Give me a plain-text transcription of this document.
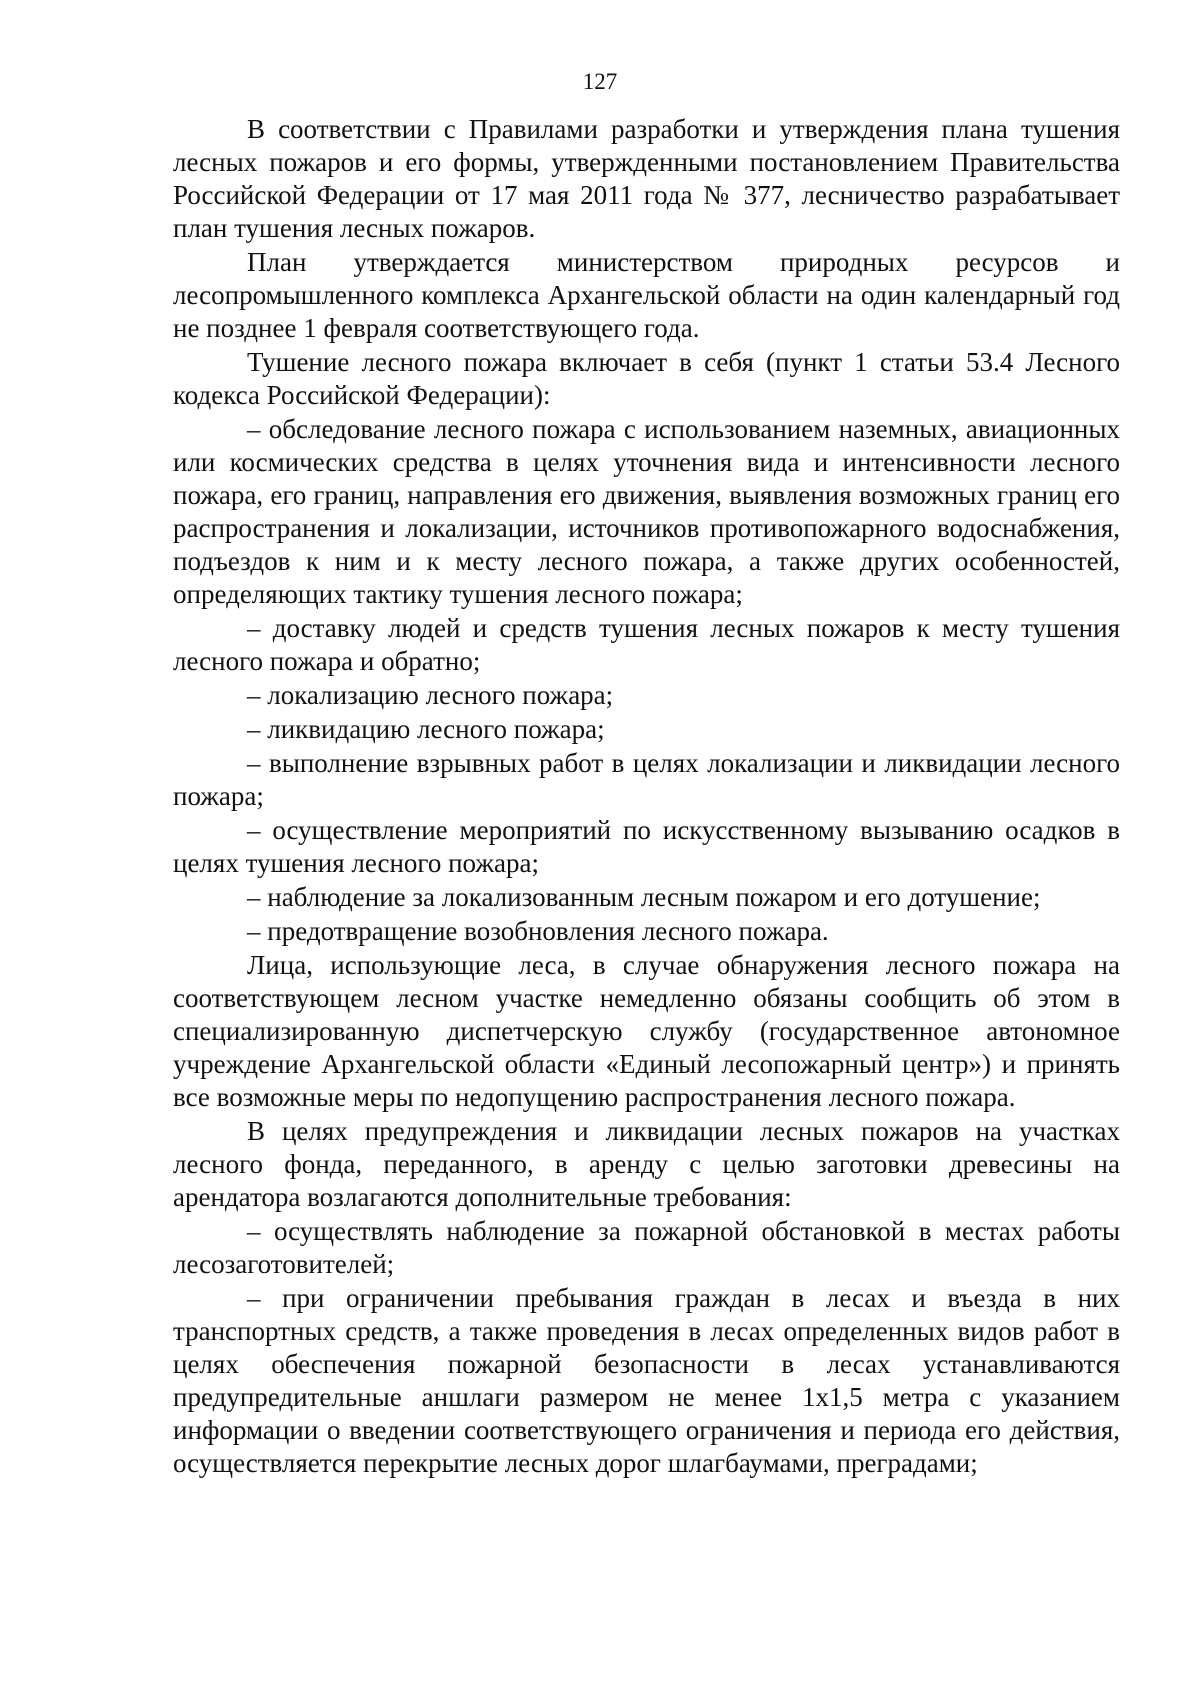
127

В соответствии с Правилами разработки и утверждения плана тушения лесных пожаров и его формы, утвержденными постановлением Правительства Российской Федерации от 17 мая 2011 года № 377, лесничество разрабатывает план тушения лесных пожаров.

План утверждается министерством природных ресурсов и лесопромышленного комплекса Архангельской области на один календарный год не позднее 1 февраля соответствующего года.

Тушение лесного пожара включает в себя (пункт 1 статьи 53.4 Лесного кодекса Российской Федерации):

– обследование лесного пожара с использованием наземных, авиационных или космических средства в целях уточнения вида и интенсивности лесного пожара, его границ, направления его движения, выявления возможных границ его распространения и локализации, источников противопожарного водоснабжения, подъездов к ним и к месту лесного пожара, а также других особенностей, определяющих тактику тушения лесного пожара;

– доставку людей и средств тушения лесных пожаров к месту тушения лесного пожара и обратно;

– локализацию лесного пожара;

– ликвидацию лесного пожара;

– выполнение взрывных работ в целях локализации и ликвидации лесного пожара;

– осуществление мероприятий по искусственному вызыванию осадков в целях тушения лесного пожара;

– наблюдение за локализованным лесным пожаром и его дотушение;

– предотвращение возобновления лесного пожара.

Лица, использующие леса, в случае обнаружения лесного пожара на соответствующем лесном участке немедленно обязаны сообщить об этом в специализированную диспетчерскую службу (государственное автономное учреждение Архангельской области «Единый лесопожарный центр») и принять все возможные меры по недопущению распространения лесного пожара.

В целях предупреждения и ликвидации лесных пожаров на участках лесного фонда, переданного, в аренду с целью заготовки древесины на арендатора возлагаются дополнительные требования:

– осуществлять наблюдение за пожарной обстановкой в местах работы лесозаготовителей;

– при ограничении пребывания граждан в лесах и въезда в них транспортных средств, а также проведения в лесах определенных видов работ в целях обеспечения пожарной безопасности в лесах устанавливаются предупредительные аншлаги размером не менее 1х1,5 метра с указанием информации о введении соответствующего ограничения и периода его действия, осуществляется перекрытие лесных дорог шлагбаумами, преградами;
